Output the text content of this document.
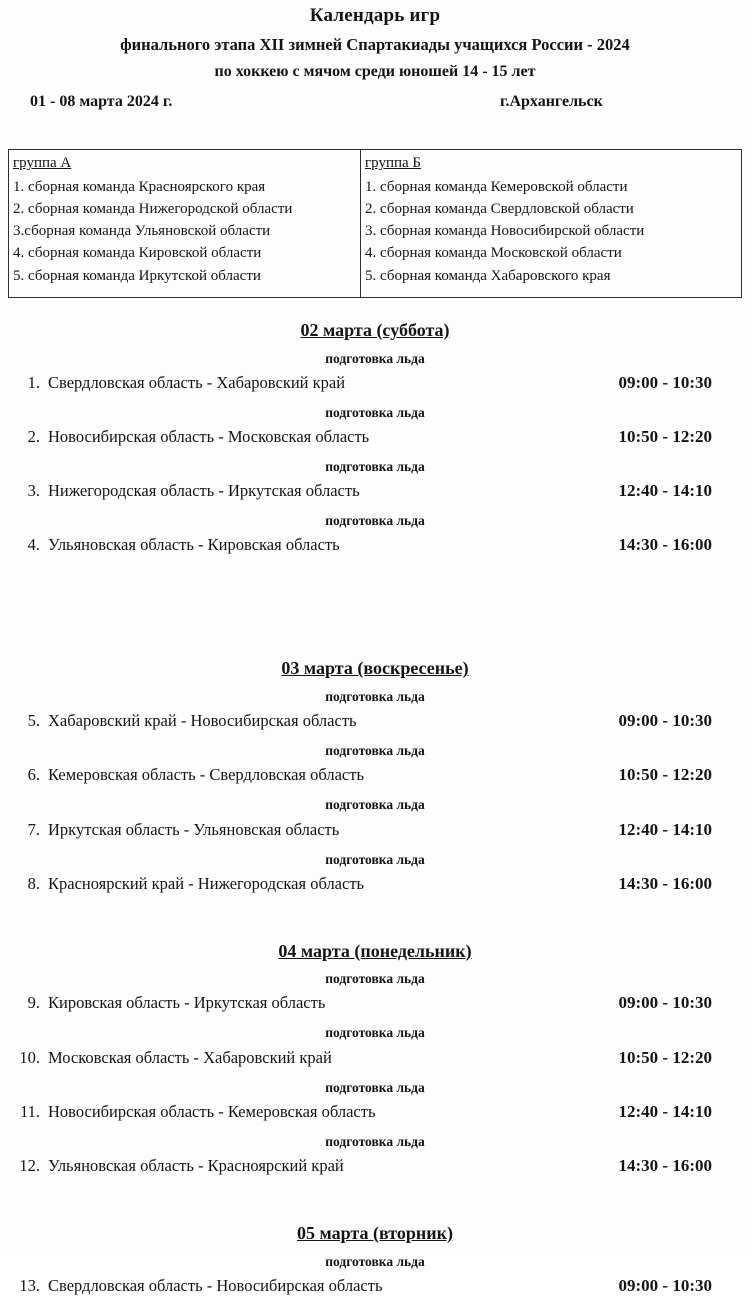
Календарь игр
финального этапа XII зимней Спартакиады учащихся России - 2024
по хоккею с мячом среди юношей 14 - 15 лет
01 - 08 марта 2024 г.	г.Архангельск
группа А
1. сборная команда Красноярского края
2. сборная команда Нижегородской области
3.сборная команда Ульяновской области
4. сборная команда Кировской области
5. сборная команда Иркутской области
группа Б
1. сборная команда Кемеровской области
2. сборная команда Свердловской области
3. сборная команда Новосибирской области
4. сборная команда Московской области
5. сборная команда Хабаровского края
02 марта (суббота)
подготовка льда
1. Свердловская область - Хабаровский край	09:00 - 10:30
подготовка льда
2. Новосибирская область - Московская область	10:50 - 12:20
подготовка льда
3. Нижегородская область - Иркутская область	12:40 - 14:10
подготовка льда
4. Ульяновская область - Кировская область	14:30 - 16:00
03 марта (воскресенье)
подготовка льда
5. Хабаровский край - Новосибирская область	09:00 - 10:30
подготовка льда
6. Кемеровская область - Свердловская область	10:50 - 12:20
подготовка льда
7. Иркутская область - Ульяновская область	12:40 - 14:10
подготовка льда
8. Красноярский край - Нижегородская область	14:30 - 16:00
04 марта (понедельник)
подготовка льда
9. Кировская область - Иркутская область	09:00 - 10:30
подготовка льда
10. Московская область - Хабаровский край	10:50 - 12:20
подготовка льда
11. Новосибирская область - Кемеровская область	12:40 - 14:10
подготовка льда
12. Ульяновская область - Красноярский край	14:30 - 16:00
05 марта (вторник)
подготовка льда
13. Свердловская область - Новосибирская область	09:00 - 10:30
